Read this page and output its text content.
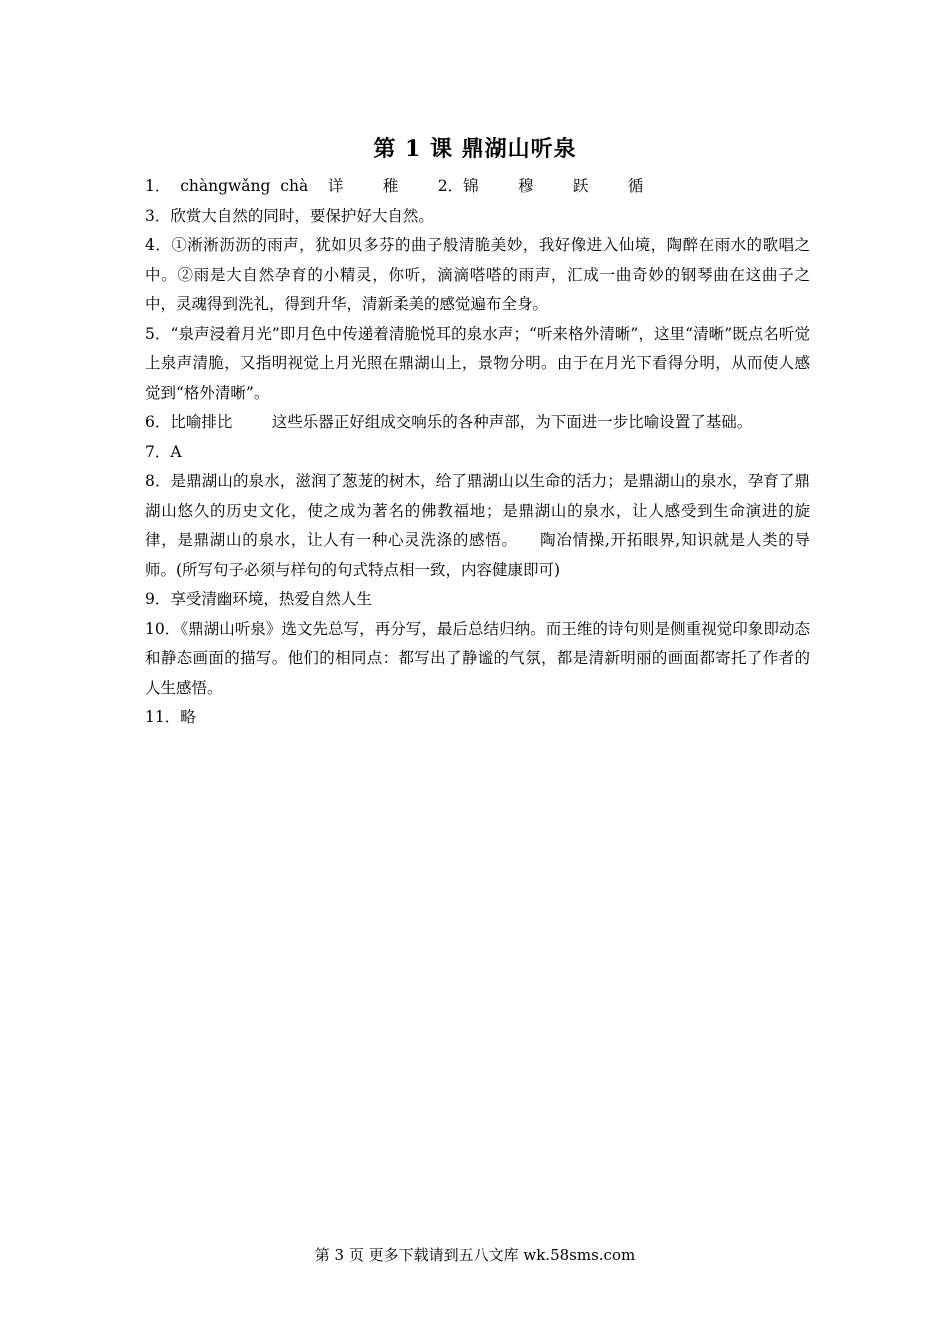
第 1 课 鼎湖山听泉

1．  chàngwǎng  chà    详        稚        2．锦        穆        跃        循

3．欣赏大自然的同时，要保护好大自然。

4．①淅淅沥沥的雨声，犹如贝多芬的曲子般清脆美妙，我好像进入仙境，陶醉在雨水的歌唱之中。②雨是大自然孕育的小精灵，你听，滴滴嗒嗒的雨声，汇成一曲奇妙的钢琴曲在这曲子之中，灵魂得到洗礼，得到升华，清新柔美的感觉遍布全身。

5．“泉声浸着月光”即月色中传递着清脆悦耳的泉水声；“听来格外清晰”，这里“清晰”既点名听觉上泉声清脆，又指明视觉上月光照在鼎湖山上，景物分明。由于在月光下看得分明，从而使人感觉到“格外清晰”。

6．比喻排比        这些乐器正好组成交响乐的各种声部，为下面进一步比喻设置了基础。

7．A

8．是鼎湖山的泉水，滋润了葱茏的树木，给了鼎湖山以生命的活力；是鼎湖山的泉水，孕育了鼎湖山悠久的历史文化，使之成为著名的佛教福地；是鼎湖山的泉水，让人感受到生命演进的旋律，是鼎湖山的泉水，让人有一种心灵洗涤的感悟。    陶冶情操,开拓眼界,知识就是人类的导师。(所写句子必须与样句的句式特点相一致，内容健康即可)

9．享受清幽环境，热爱自然人生

10．《鼎湖山听泉》选文先总写，再分写，最后总结归纳。而王维的诗句则是侧重视觉印象即动态和静态画面的描写。他们的相同点：都写出了静谧的气氛，都是清新明丽的画面都寄托了作者的人生感悟。

11．略

第 3 页 更多下载请到五八文库 wk.58sms.com
